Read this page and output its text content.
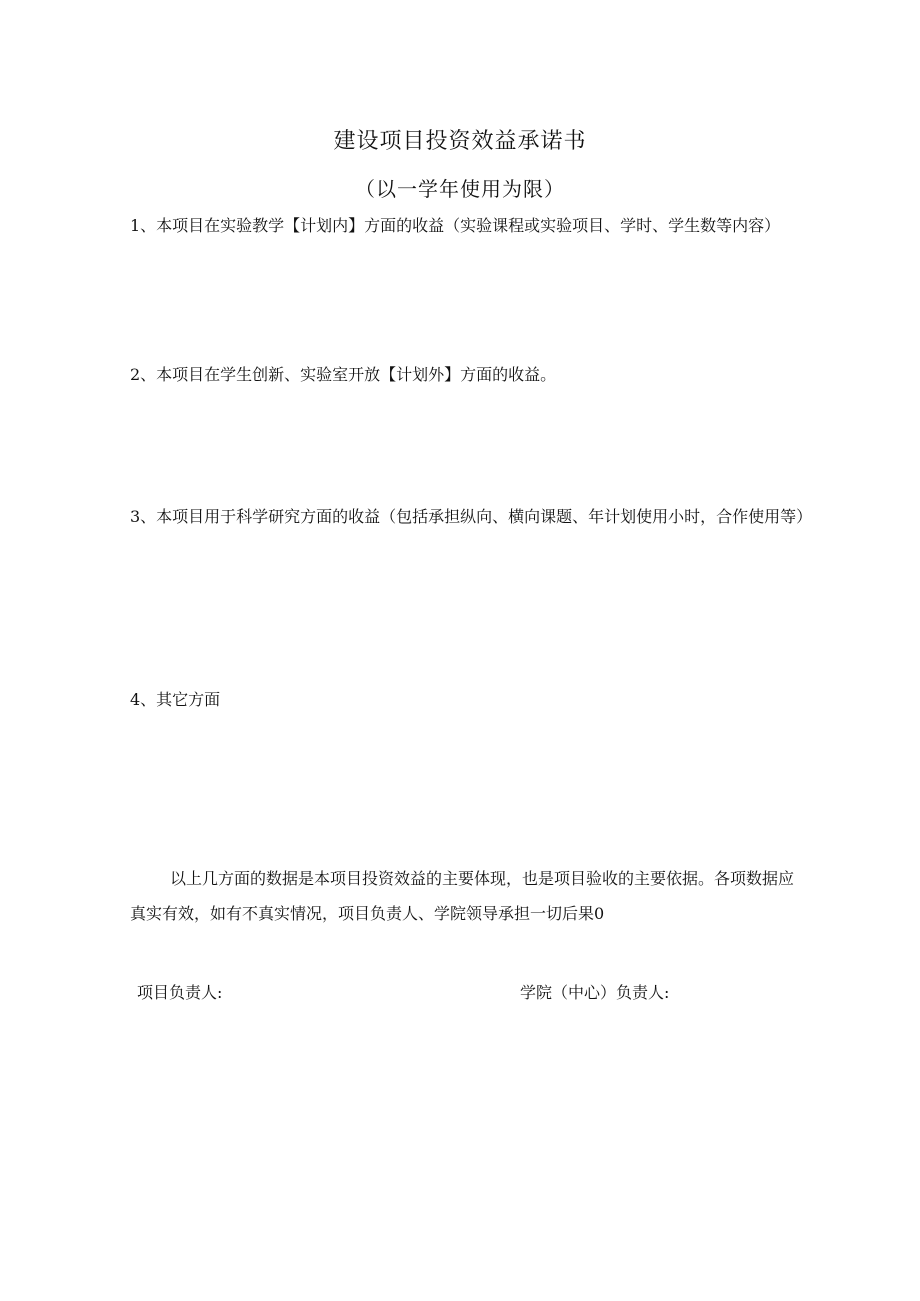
建设项目投资效益承诺书
（以一学年使用为限）
1、本项目在实验教学【计划内】方面的收益（实验课程或实验项目、学时、学生数等内容）
2、本项目在学生创新、实验室开放【计划外】方面的收益。
3、本项目用于科学研究方面的收益（包括承担纵向、横向课题、年计划使用小时，合作使用等）
4、其它方面
以上几方面的数据是本项目投资效益的主要体现，也是项目验收的主要依据。各项数据应真实有效，如有不真实情况，项目负责人、学院领导承担一切后果0
项目负责人:	学院（中心）负责人:
